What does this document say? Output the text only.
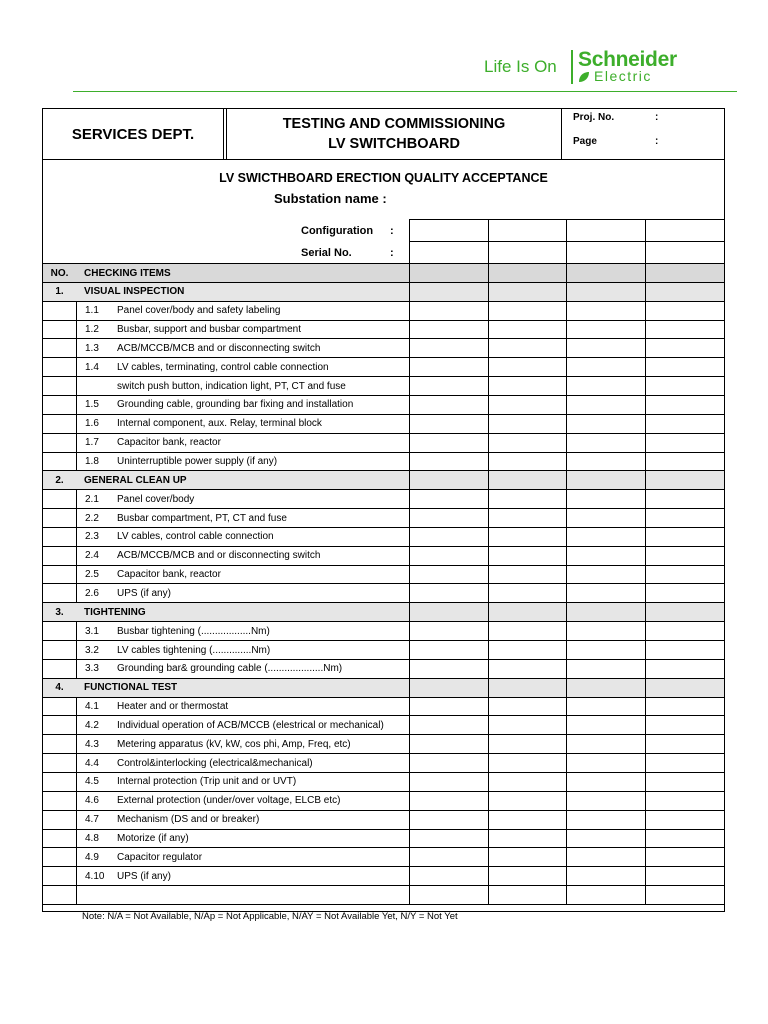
Life Is On Schneider
Electric
SERVICES DEPT.
TESTING AND COMMISSIONING
LV SWITCHBOARD
Proj. No.	:
Page	:
LV SWICTHBOARD ERECTION QUALITY ACCEPTANCE
Substation name :
Configuration :
Serial No.	:
NO.	CHECKING ITEMS
1.	VISUAL INSPECTION
1.1	Panel cover/body and safety labeling
1.2	Busbar, support and busbar compartment
1.3	ACB/MCCB/MCB and or disconnecting switch
1.4	LV cables, terminating, control cable connection
switch push button, indication light, PT, CT and fuse
1.5	Grounding cable, grounding bar fixing and installation
1.6	Internal component, aux. Relay, terminal block
1.7	Capacitor bank, reactor
1.8	Uninterruptible power supply (if any)
2.	GENERAL CLEAN UP
2.1	Panel cover/body
2.2	Busbar compartment, PT, CT and fuse
2.3	LV cables, control cable connection
2.4	ACB/MCCB/MCB and or disconnecting switch
2.5	Capacitor bank, reactor
2.6	UPS (if any)
3.	TIGHTENING
3.1	Busbar tightening (..................Nm)
3.2	LV cables tightening (..............Nm)
3.3	Grounding bar& grounding cable (....................Nm)
4.	FUNCTIONAL TEST
4.1	Heater and or thermostat
4.2	Individual operation of ACB/MCCB (elestrical or mechanical)
4.3	Metering apparatus (kV, kW, cos phi, Amp, Freq, etc)
4.4	Control&interlocking (electrical&mechanical)
4.5	Internal protection (Trip unit and or UVT)
4.6	External protection (under/over voltage, ELCB etc)
4.7	Mechanism (DS and or breaker)
4.8	Motorize (if any)
4.9	Capacitor regulator
4.10	UPS (if any)
Note: N/A = Not Available, N/Ap = Not Applicable, N/AY = Not Available Yet, N/Y = Not Yet
